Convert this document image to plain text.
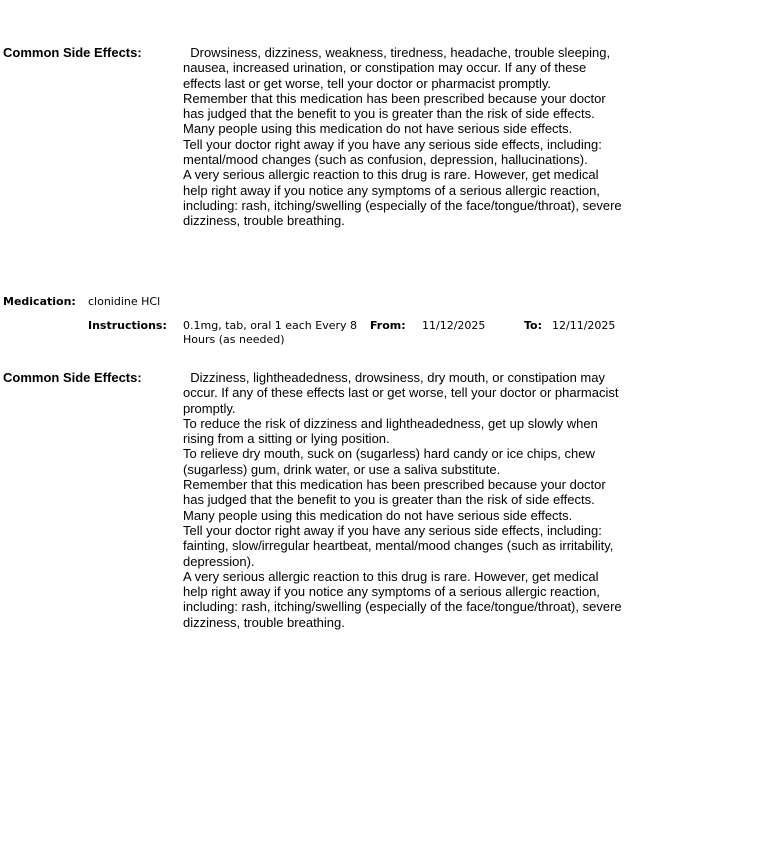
Common Side Effects:	Drowsiness, dizziness, weakness, tiredness, headache, trouble sleeping, nausea, increased urination, or constipation may occur. If any of these effects last or get worse, tell your doctor or pharmacist promptly.

Remember that this medication has been prescribed because your doctor has judged that the benefit to you is greater than the risk of side effects. Many people using this medication do not have serious side effects.

Tell your doctor right away if you have any serious side effects, including: mental/mood changes (such as confusion, depression, hallucinations).

A very serious allergic reaction to this drug is rare. However, get medical help right away if you notice any symptoms of a serious allergic reaction, including: rash, itching/swelling (especially of the face/tongue/throat), severe dizziness, trouble breathing.

Medication: clonidine HCl
Instructions: 0.1mg, tab, oral 1 each Every 8 Hours (as needed)
From: 11/12/2025	To: 12/11/2025
Common Side Effects:	Dizziness, lightheadedness, drowsiness, dry mouth, or constipation may occur. If any of these effects last or get worse, tell your doctor or pharmacist promptly.

To reduce the risk of dizziness and lightheadedness, get up slowly when rising from a sitting or lying position.

To relieve dry mouth, suck on (sugarless) hard candy or ice chips, chew (sugarless) gum, drink water, or use a saliva substitute.

Remember that this medication has been prescribed because your doctor has judged that the benefit to you is greater than the risk of side effects. Many people using this medication do not have serious side effects.

Tell your doctor right away if you have any serious side effects, including: fainting, slow/irregular heartbeat, mental/mood changes (such as irritability, depression).

A very serious allergic reaction to this drug is rare. However, get medical help right away if you notice any symptoms of a serious allergic reaction, including: rash, itching/swelling (especially of the face/tongue/throat), severe dizziness, trouble breathing.
